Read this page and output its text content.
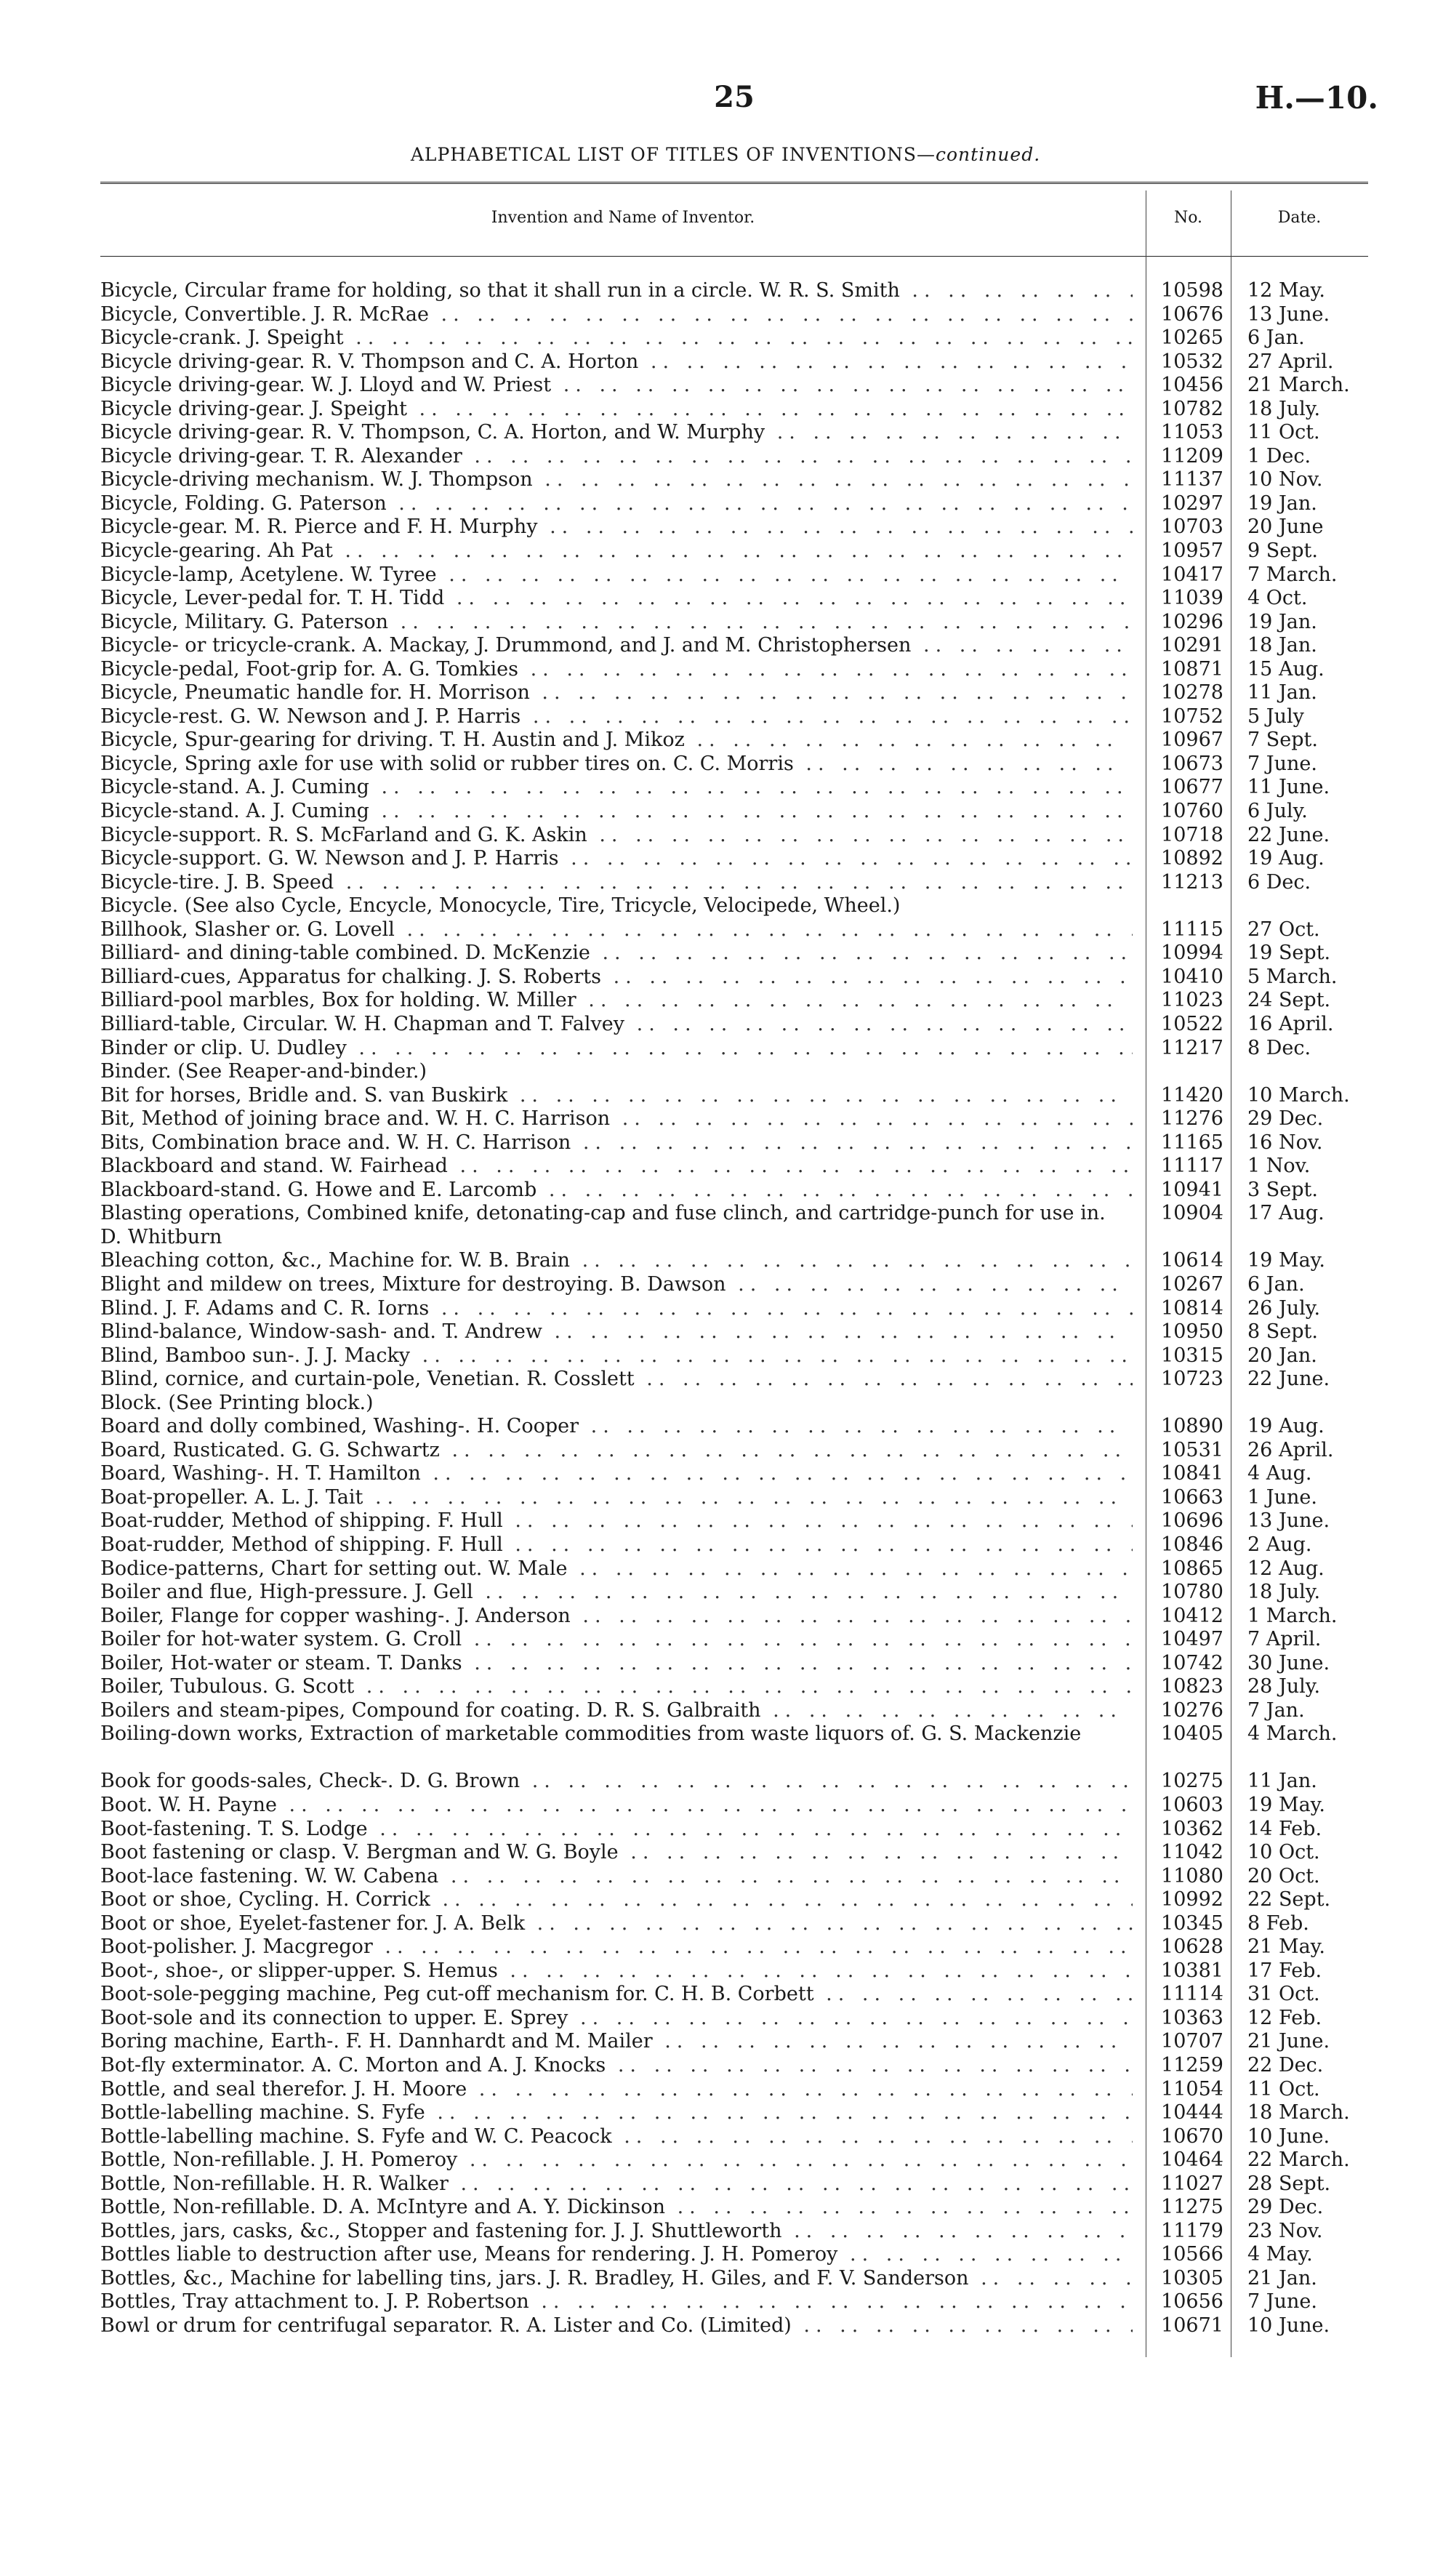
25	H.—10.
ALPHABETICAL LIST OF TITLES OF INVENTIONS—continued.
Invention and Name of Inventor.	No.	Date.
Bicycle, Circular frame for holding, so that it shall run in a circle. W. R. S. Smith .. ..	10598	12 May.
Bicycle, Convertible. J. R. McRae .. ..	10676	13 June.
Bicycle-crank. J. Speight .. ..	10265	6 Jan.
Bicycle driving-gear. R. V. Thompson and C. A. Horton .. ..	10532	27 April.
Bicycle driving-gear. W. J. Lloyd and W. Priest .. ..	10456	21 March.
Bicycle driving-gear. J. Speight .. ..	10782	18 July.
Bicycle driving-gear. R. V. Thompson, C. A. Horton, and W. Murphy .. ..	11053	11 Oct.
Bicycle driving-gear. T. R. Alexander .. ..	11209	1 Dec.
Bicycle-driving mechanism. W. J. Thompson .. ..	11137	10 Nov.
Bicycle, Folding. G. Paterson .. ..	10297	19 Jan.
Bicycle-gear. M. R. Pierce and F. H. Murphy .. ..	10703	20 June
Bicycle-gearing. Ah Pat .. ..	10957	9 Sept.
Bicycle-lamp, Acetylene. W. Tyree .. ..	10417	7 March.
Bicycle, Lever-pedal for. T. H. Tidd .. ..	11039	4 Oct.
Bicycle, Military. G. Paterson .. ..	10296	19 Jan.
Bicycle- or tricycle-crank. A. Mackay, J. Drummond, and J. and M. Christophersen .. ..	10291	18 Jan.
Bicycle-pedal, Foot-grip for. A. G. Tomkies .. ..	10871	15 Aug.
Bicycle, Pneumatic handle for. H. Morrison .. ..	10278	11 Jan.
Bicycle-rest. G. W. Newson and J. P. Harris .. ..	10752	5 July
Bicycle, Spur-gearing for driving. T. H. Austin and J. Mikoz .. ..	10967	7 Sept.
Bicycle, Spring axle for use with solid or rubber tires on. C. C. Morris .. ..	10673	7 June.
Bicycle-stand. A. J. Cuming .. ..	10677	11 June.
Bicycle-stand. A. J. Cuming .. ..	10760	6 July.
Bicycle-support. R. S. McFarland and G. K. Askin .. ..	10718	22 June.
Bicycle-support. G. W. Newson and J. P. Harris .. ..	10892	19 Aug.
Bicycle-tire. J. B. Speed .. ..	11213	6 Dec.
Bicycle. (See also Cycle, Encycle, Monocycle, Tire, Tricycle, Velocipede, Wheel.)
Billhook, Slasher or. G. Lovell .. ..	11115	27 Oct.
Billiard- and dining-table combined. D. McKenzie .. ..	10994	19 Sept.
Billiard-cues, Apparatus for chalking. J. S. Roberts .. ..	10410	5 March.
Billiard-pool marbles, Box for holding. W. Miller .. ..	11023	24 Sept.
Billiard-table, Circular. W. H. Chapman and T. Falvey .. ..	10522	16 April.
Binder or clip. U. Dudley .. ..	11217	8 Dec.
Binder. (See Reaper-and-binder.)
Bit for horses, Bridle and. S. van Buskirk .. ..	11420	10 March.
Bit, Method of joining brace and. W. H. C. Harrison .. ..	11276	29 Dec.
Bits, Combination brace and. W. H. C. Harrison .. ..	11165	16 Nov.
Blackboard and stand. W. Fairhead .. ..	11117	1 Nov.
Blackboard-stand. G. Howe and E. Larcomb .. ..	10941	3 Sept.
Blasting operations, Combined knife, detonating-cap and fuse clinch, and cartridge-punch for use in. D. Whitburn
10904	17 Aug.
Bleaching cotton, &c., Machine for. W. B. Brain .. ..	10614	19 May.
Blight and mildew on trees, Mixture for destroying. B. Dawson .. ..	10267	6 Jan.
Blind. J. F. Adams and C. R. Iorns .. ..	10814	26 July.
Blind-balance, Window-sash- and. T. Andrew .. ..	10950	8 Sept.
Blind, Bamboo sun-. J. J. Macky .. ..	10315	20 Jan.
Blind, cornice, and curtain-pole, Venetian. R. Cosslett .. ..	10723	22 June.
Block. (See Printing block.)
Board and dolly combined, Washing-. H. Cooper .. ..	10890	19 Aug.
Board, Rusticated. G. G. Schwartz .. ..	10531	26 April.
Board, Washing-. H. T. Hamilton .. ..	10841	4 Aug.
Boat-propeller. A. L. J. Tait .. ..	10663	1 June.
Boat-rudder, Method of shipping. F. Hull .. ..	10696	13 June.
Boat-rudder, Method of shipping. F. Hull .. ..	10846	2 Aug.
Bodice-patterns, Chart for setting out. W. Male .. ..	10865	12 Aug.
Boiler and flue, High-pressure. J. Gell .. ..	10780	18 July.
Boiler, Flange for copper washing-. J. Anderson .. ..	10412	1 March.
Boiler for hot-water system. G. Croll .. ..	10497	7 April.
Boiler, Hot-water or steam. T. Danks .. ..	10742	30 June.
Boiler, Tubulous. G. Scott .. ..	10823	28 July.
Boilers and steam-pipes, Compound for coating. D. R. S. Galbraith .. ..	10276	7 Jan.
Boiling-down works, Extraction of marketable commodities from waste liquors of. G. S. Mackenzie	10405	4 March.
Book for goods-sales, Check-. D. G. Brown .. ..	10275	11 Jan.
Boot. W. H. Payne .. ..	10603	19 May.
Boot-fastening. T. S. Lodge .. ..	10362	14 Feb.
Boot fastening or clasp. V. Bergman and W. G. Boyle .. ..	11042	10 Oct.
Boot-lace fastening. W. W. Cabena .. ..	11080	20 Oct.
Boot or shoe, Cycling. H. Corrick .. ..	10992	22 Sept.
Boot or shoe, Eyelet-fastener for. J. A. Belk .. ..	10345	8 Feb.
Boot-polisher. J. Macgregor .. ..	10628	21 May.
Boot-, shoe-, or slipper-upper. S. Hemus .. ..	10381	17 Feb.
Boot-sole-pegging machine, Peg cut-off mechanism for. C. H. B. Corbett .. ..	11114	31 Oct.
Boot-sole and its connection to upper. E. Sprey .. ..	10363	12 Feb.
Boring machine, Earth-. F. H. Dannhardt and M. Mailer .. ..	10707	21 June.
Bot-fly exterminator. A. C. Morton and A. J. Knocks .. ..	11259	22 Dec.
Bottle, and seal therefor. J. H. Moore .. ..	11054	11 Oct.
Bottle-labelling machine. S. Fyfe .. ..	10444	18 March.
Bottle-labelling machine. S. Fyfe and W. C. Peacock .. ..	10670	10 June.
Bottle, Non-refillable. J. H. Pomeroy .. ..	10464	22 March.
Bottle, Non-refillable. H. R. Walker .. ..	11027	28 Sept.
Bottle, Non-refillable. D. A. McIntyre and A. Y. Dickinson .. ..	11275	29 Dec.
Bottles, jars, casks, &c., Stopper and fastening for. J. J. Shuttleworth .. ..	11179	23 Nov.
Bottles liable to destruction after use, Means for rendering. J. H. Pomeroy .. ..	10566	4 May.
Bottles, &c., Machine for labelling tins, jars. J. R. Bradley, H. Giles, and F. V. Sanderson .. ..	10305	21 Jan.
Bottles, Tray attachment to. J. P. Robertson .. ..	10656	7 June.
Bowl or drum for centrifugal separator. R. A. Lister and Co. (Limited) .. ..	10671	10 June.
